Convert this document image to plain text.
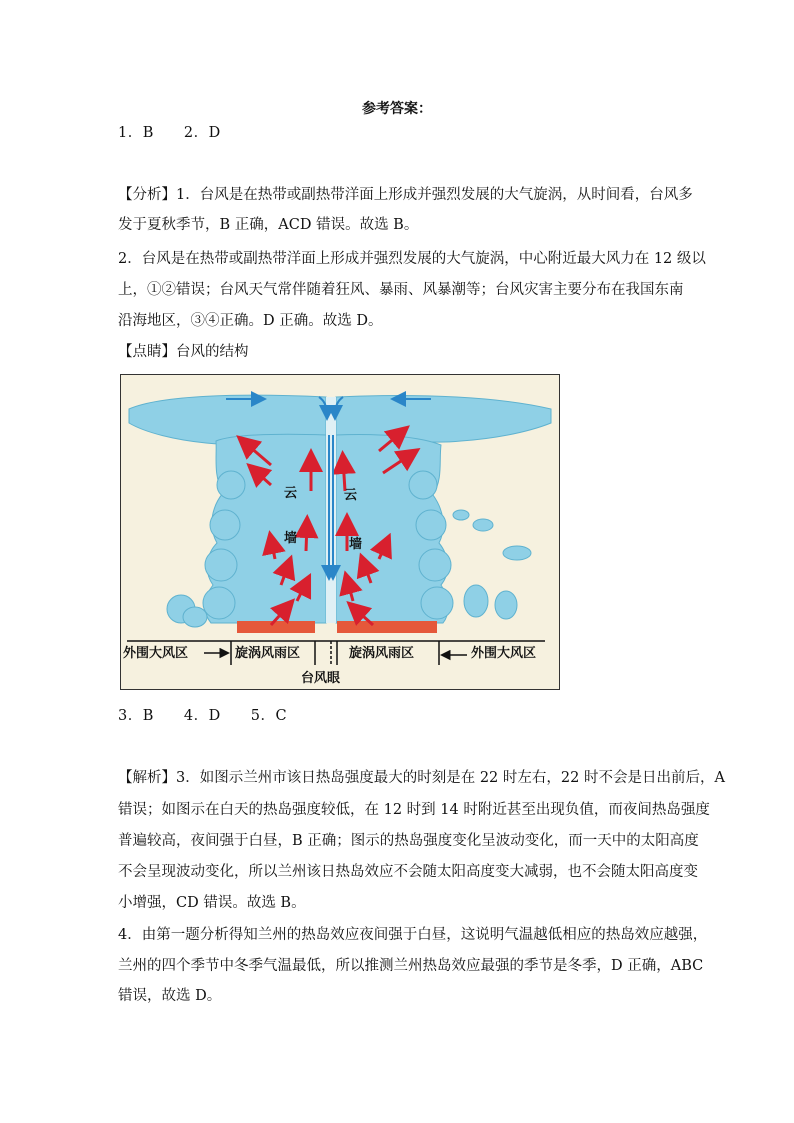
参考答案：
1．B　　2．D
【分析】1．台风是在热带或副热带洋面上形成并强烈发展的大气旋涡，从时间看，台风多
发于夏秋季节，B 正确，ACD 错误。故选 B。
2．台风是在热带或副热带洋面上形成并强烈发展的大气旋涡，中心附近最大风力在 12 级以
上，①②错误；台风天气常伴随着狂风、暴雨、风暴潮等；台风灾害主要分布在我国东南
沿海地区，③④正确。D 正确。故选 D。
【点睛】台风的结构
云
墙
云
墙
外围大风区	旋涡风雨区	旋涡风雨区	外围大风区
台风眼
3．B　　4．D　　5．C
【解析】3．如图示兰州市该日热岛强度最大的时刻是在 22 时左右，22 时不会是日出前后，A
错误；如图示在白天的热岛强度较低，在 12 时到 14 时附近甚至出现负值，而夜间热岛强度
普遍较高，夜间强于白昼，B 正确；图示的热岛强度变化呈波动变化，而一天中的太阳高度
不会呈现波动变化，所以兰州该日热岛效应不会随太阳高度变大减弱，也不会随太阳高度变
小增强，CD 错误。故选 B。
4．由第一题分析得知兰州的热岛效应夜间强于白昼，这说明气温越低相应的热岛效应越强，
兰州的四个季节中冬季气温最低，所以推测兰州热岛效应最强的季节是冬季，D 正确，ABC
错误，故选 D。
